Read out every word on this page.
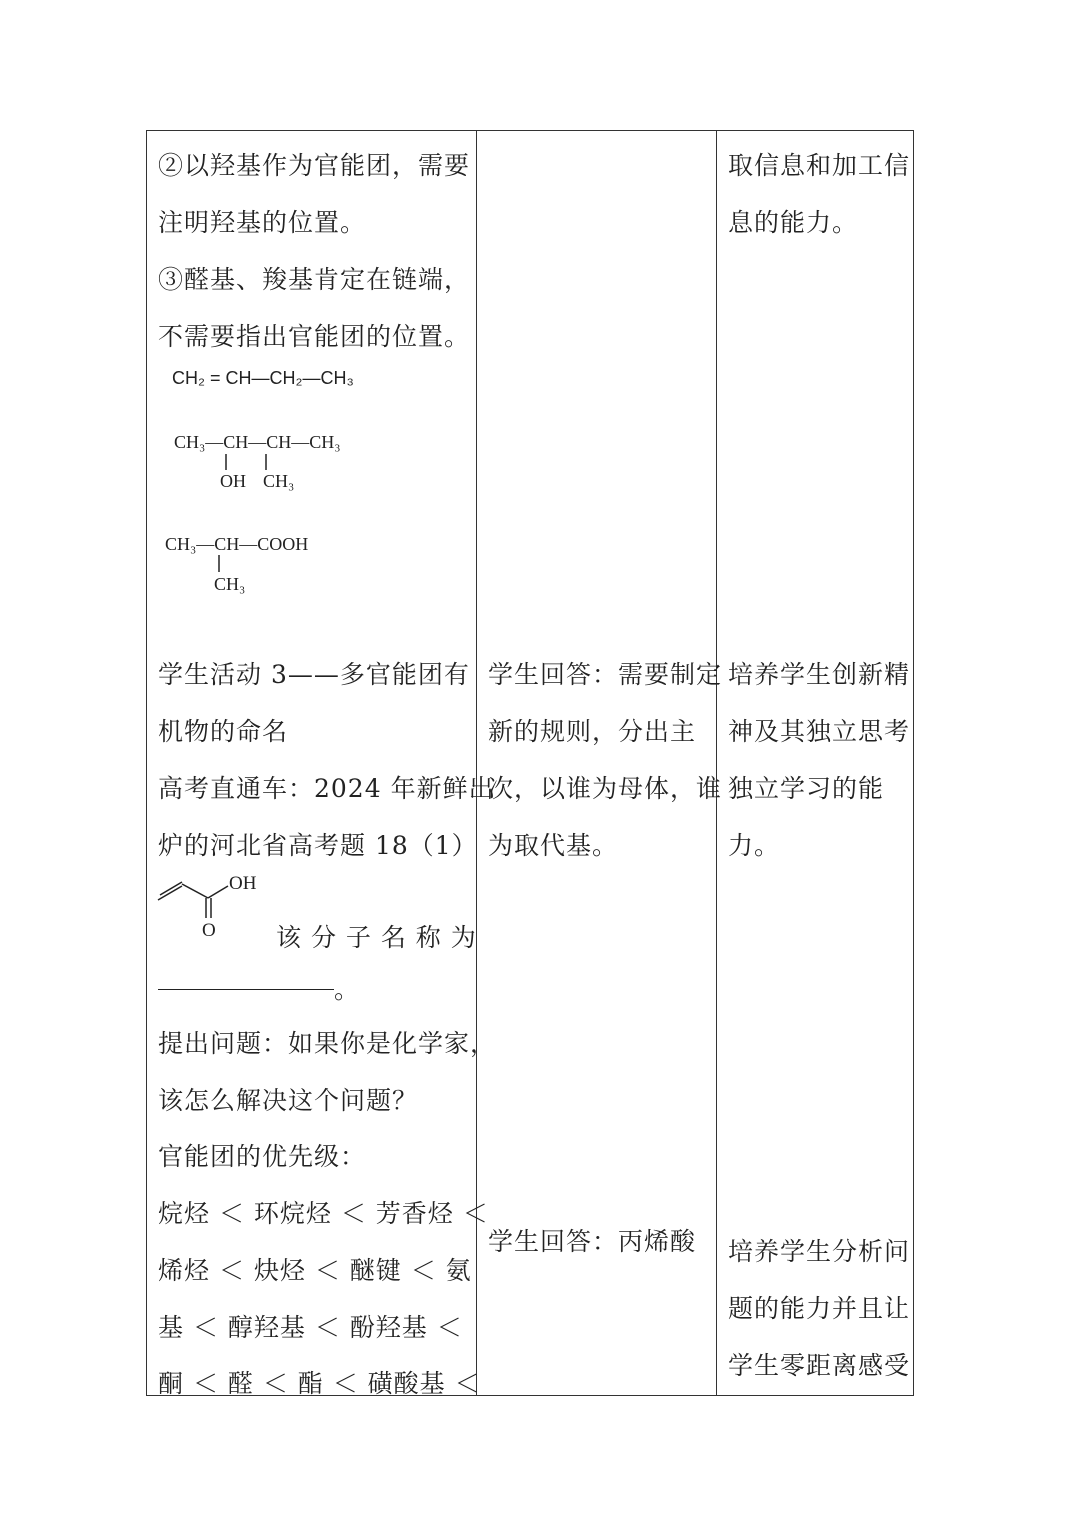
②以羟基作为官能团，需要
注明羟基的位置。
③醛基、羧基肯定在链端，
不需要指出官能团的位置。
CH₂ = CH—CH₂—CH₃
CH₃—CH—CH—CH₃
OH CH₃
CH₃—CH—COOH
CH₃
学生活动 3——多官能团有
机物的命名
高考直通车：2024 年新鲜出
炉的河北省高考题 18（1）
OH
O 该 分 子 名 称 为
。
提出问题：如果你是化学家，
该怎么解决这个问题？
官能团的优先级：
烷烃 ＜ 环烷烃 ＜ 芳香烃 ＜
烯烃 ＜ 炔烃 ＜ 醚键 ＜ 氨
基 ＜ 醇羟基 ＜ 酚羟基 ＜
酮 ＜ 醛 ＜ 酯 ＜ 磺酸基 ＜
学生回答：需要制定
新的规则，分出主
次，以谁为母体，谁
为取代基。
学生回答：丙烯酸
取信息和加工信
息的能力。
培养学生创新精
神及其独立思考
独立学习的能
力。
培养学生分析问
题的能力并且让
学生零距离感受
